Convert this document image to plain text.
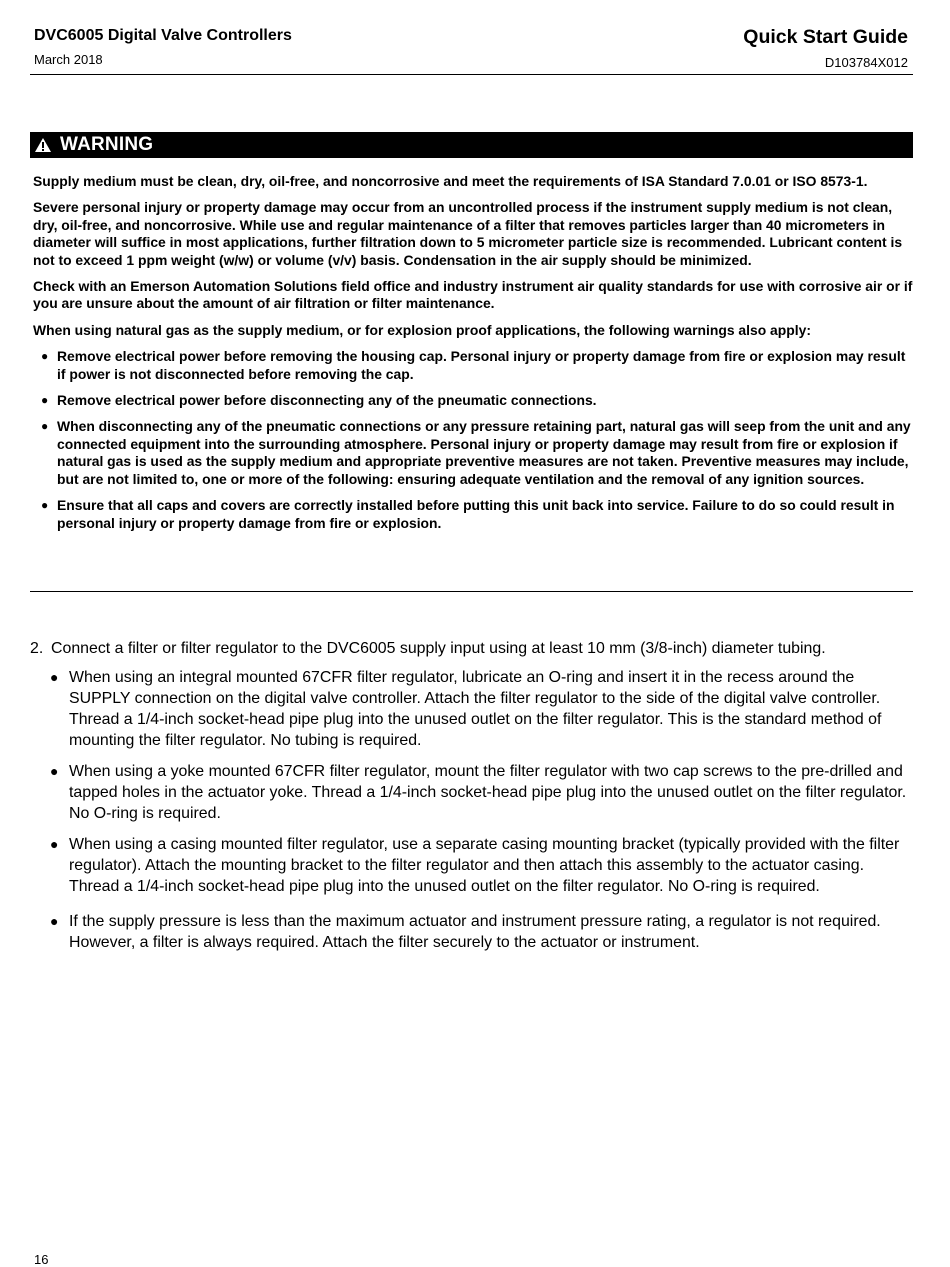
DVC6005 Digital Valve Controllers
March 2018
Quick Start Guide
D103784X012
WARNING

Supply medium must be clean, dry, oil-free, and noncorrosive and meet the requirements of ISA Standard 7.0.01 or ISO 8573-1.

Severe personal injury or property damage may occur from an uncontrolled process if the instrument supply medium is not clean, dry, oil-free, and noncorrosive. While use and regular maintenance of a filter that removes particles larger than 40 micrometers in diameter will suffice in most applications, further filtration down to 5 micrometer particle size is recommended. Lubricant content is not to exceed 1 ppm weight (w/w) or volume (v/v) basis. Condensation in the air supply should be minimized.

Check with an Emerson Automation Solutions field office and industry instrument air quality standards for use with corrosive air or if you are unsure about the amount of air filtration or filter maintenance.

When using natural gas as the supply medium, or for explosion proof applications, the following warnings also apply:

● Remove electrical power before removing the housing cap. Personal injury or property damage from fire or explosion may result if power is not disconnected before removing the cap.
● Remove electrical power before disconnecting any of the pneumatic connections.
● When disconnecting any of the pneumatic connections or any pressure retaining part, natural gas will seep from the unit and any connected equipment into the surrounding atmosphere. Personal injury or property damage may result from fire or explosion if natural gas is used as the supply medium and appropriate preventive measures are not taken. Preventive measures may include, but are not limited to, one or more of the following: ensuring adequate ventilation and the removal of any ignition sources.
● Ensure that all caps and covers are correctly installed before putting this unit back into service. Failure to do so could result in personal injury or property damage from fire or explosion.
2. Connect a filter or filter regulator to the DVC6005 supply input using at least 10 mm (3/8-inch) diameter tubing.
● When using an integral mounted 67CFR filter regulator, lubricate an O-ring and insert it in the recess around the SUPPLY connection on the digital valve controller. Attach the filter regulator to the side of the digital valve controller. Thread a 1/4-inch socket-head pipe plug into the unused outlet on the filter regulator. This is the standard method of mounting the filter regulator. No tubing is required.
● When using a yoke mounted 67CFR filter regulator, mount the filter regulator with two cap screws to the pre-drilled and tapped holes in the actuator yoke. Thread a 1/4-inch socket-head pipe plug into the unused outlet on the filter regulator. No O-ring is required.
● When using a casing mounted filter regulator, use a separate casing mounting bracket (typically provided with the filter regulator). Attach the mounting bracket to the filter regulator and then attach this assembly to the actuator casing. Thread a 1/4-inch socket-head pipe plug into the unused outlet on the filter regulator. No O-ring is required.
● If the supply pressure is less than the maximum actuator and instrument pressure rating, a regulator is not required. However, a filter is always required. Attach the filter securely to the actuator or instrument.
16
